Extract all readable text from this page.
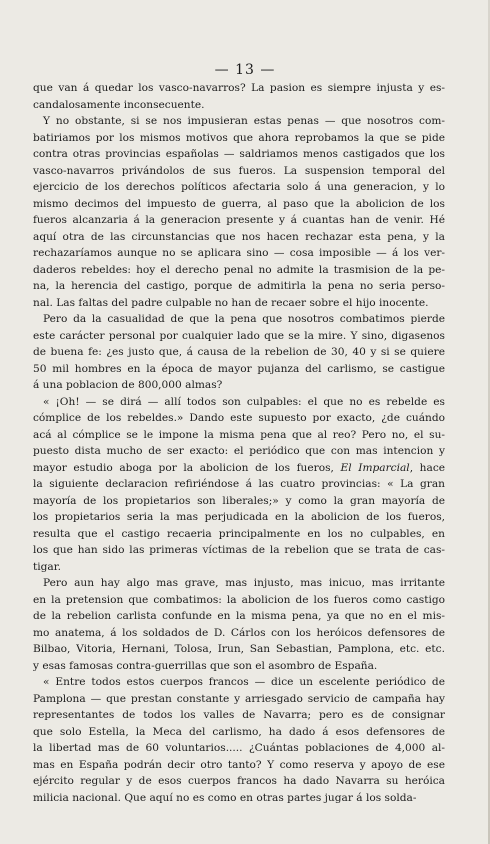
— 13 —
que van á quedar los vasco-navarros? La pasion es siempre injusta y es-
candalosamente inconsecuente.
Y no obstante, si se nos impusieran estas penas — que nosotros com-
batiriamos por los mismos motivos que ahora reprobamos la que se pide
contra otras provincias españolas — saldriamos menos castigados que los
vasco-navarros privándolos de sus fueros. La suspension temporal del
ejercicio de los derechos políticos afectaria solo á una generacion, y lo
mismo decimos del impuesto de guerra, al paso que la abolicion de los
fueros alcanzaria á la generacion presente y á cuantas han de venir. Hé
aquí otra de las circunstancias que nos hacen rechazar esta pena, y la
rechazaríamos aunque no se aplicara sino — cosa imposible — á los ver-
daderos rebeldes: hoy el derecho penal no admite la trasmision de la pe-
na, la herencia del castigo, porque de admitirla la pena no seria perso-
nal. Las faltas del padre culpable no han de recaer sobre el hijo inocente.
Pero da la casualidad de que la pena que nosotros combatimos pierde
este carácter personal por cualquier lado que se la mire. Y sino, digasenos
de buena fe: ¿es justo que, á causa de la rebelion de 30, 40 y si se quiere
50 mil hombres en la época de mayor pujanza del carlismo, se castigue
á una poblacion de 800,000 almas?
« ¡Oh! — se dirá — allí todos son culpables: el que no es rebelde es
cómplice de los rebeldes.» Dando este supuesto por exacto, ¿de cuándo
acá al cómplice se le impone la misma pena que al reo? Pero no, el su-
puesto dista mucho de ser exacto: el periódico que con mas intencion y
mayor estudio aboga por la abolicion de los fueros, El Imparcial, hace
la siguiente declaracion refiriéndose á las cuatro provincias: « La gran
mayoría de los propietarios son liberales;» y como la gran mayoría de
los propietarios seria la mas perjudicada en la abolicion de los fueros,
resulta que el castigo recaeria principalmente en los no culpables, en
los que han sido las primeras víctimas de la rebelion que se trata de cas-
tigar.
Pero aun hay algo mas grave, mas injusto, mas inicuo, mas irritante
en la pretension que combatimos: la abolicion de los fueros como castigo
de la rebelion carlista confunde en la misma pena, ya que no en el mis-
mo anatema, á los soldados de D. Cárlos con los heróicos defensores de
Bilbao, Vitoria, Hernani, Tolosa, Irun, San Sebastian, Pamplona, etc. etc.
y esas famosas contra-guerrillas que son el asombro de España.
« Entre todos estos cuerpos francos — dice un escelente periódico de
Pamplona — que prestan constante y arriesgado servicio de campaña hay
representantes de todos los valles de Navarra; pero es de consignar
que solo Estella, la Meca del carlismo, ha dado á esos defensores de
la libertad mas de 60 voluntarios..... ¿Cuántas poblaciones de 4,000 al-
mas en España podrán decir otro tanto? Y como reserva y apoyo de ese
ejército regular y de esos cuerpos francos ha dado Navarra su heróica
milicia nacional. Que aquí no es como en otras partes jugar á los solda-
